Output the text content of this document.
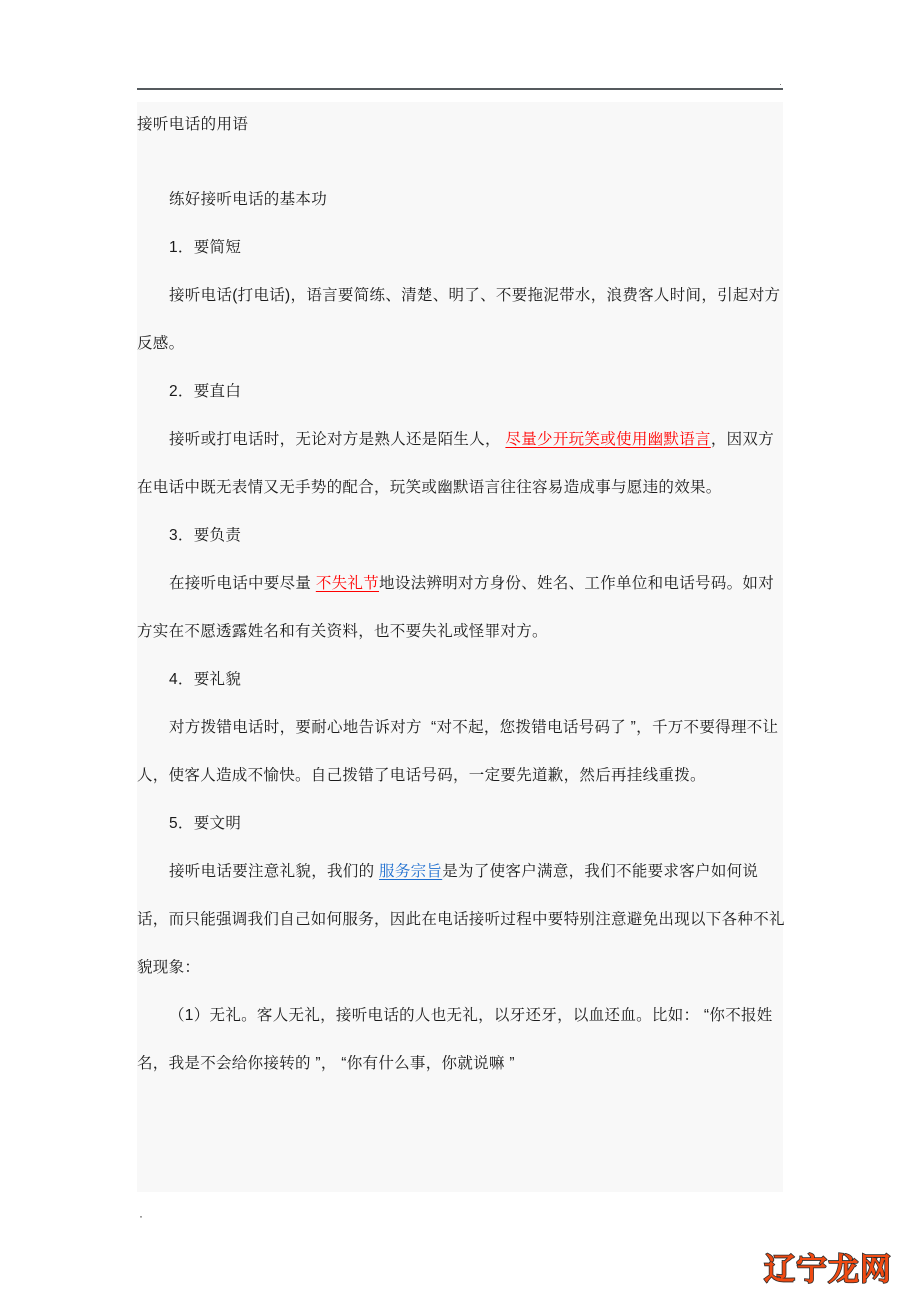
·

接听电话的用语

练好接听电话的基本功

1．要简短

接听电话(打电话)，语言要简练、清楚、明了、不要拖泥带水，浪费客人时间，引起对方反感。

2．要直白

接听或打电话时，无论对方是熟人还是陌生人， 尽量少开玩笑或使用幽默语言，因双方在电话中既无表情又无手势的配合，玩笑或幽默语言往往容易造成事与愿违的效果。

3．要负责

在接听电话中要尽量 不失礼节地设法辨明对方身份、姓名、工作单位和电话号码。如对方实在不愿透露姓名和有关资料，也不要失礼或怪罪对方。

4．要礼貌

对方拨错电话时，要耐心地告诉对方  “对不起，您拨错电话号码了 ”，千万不要得理不让人，使客人造成不愉快。自己拨错了电话号码，一定要先道歉，然后再挂线重拨。

5．要文明

接听电话要注意礼貌，我们的 服务宗旨是为了使客户满意，我们不能要求客户如何说话，而只能强调我们自己如何服务，因此在电话接听过程中要特别注意避免出现以下各种不礼貌现象：

（1）无礼。客人无礼，接听电话的人也无礼，以牙还牙，以血还血。比如： “你不报姓名，我是不会给你接转的 ”， “你有什么事，你就说嘛 ”

·
辽宁龙网
